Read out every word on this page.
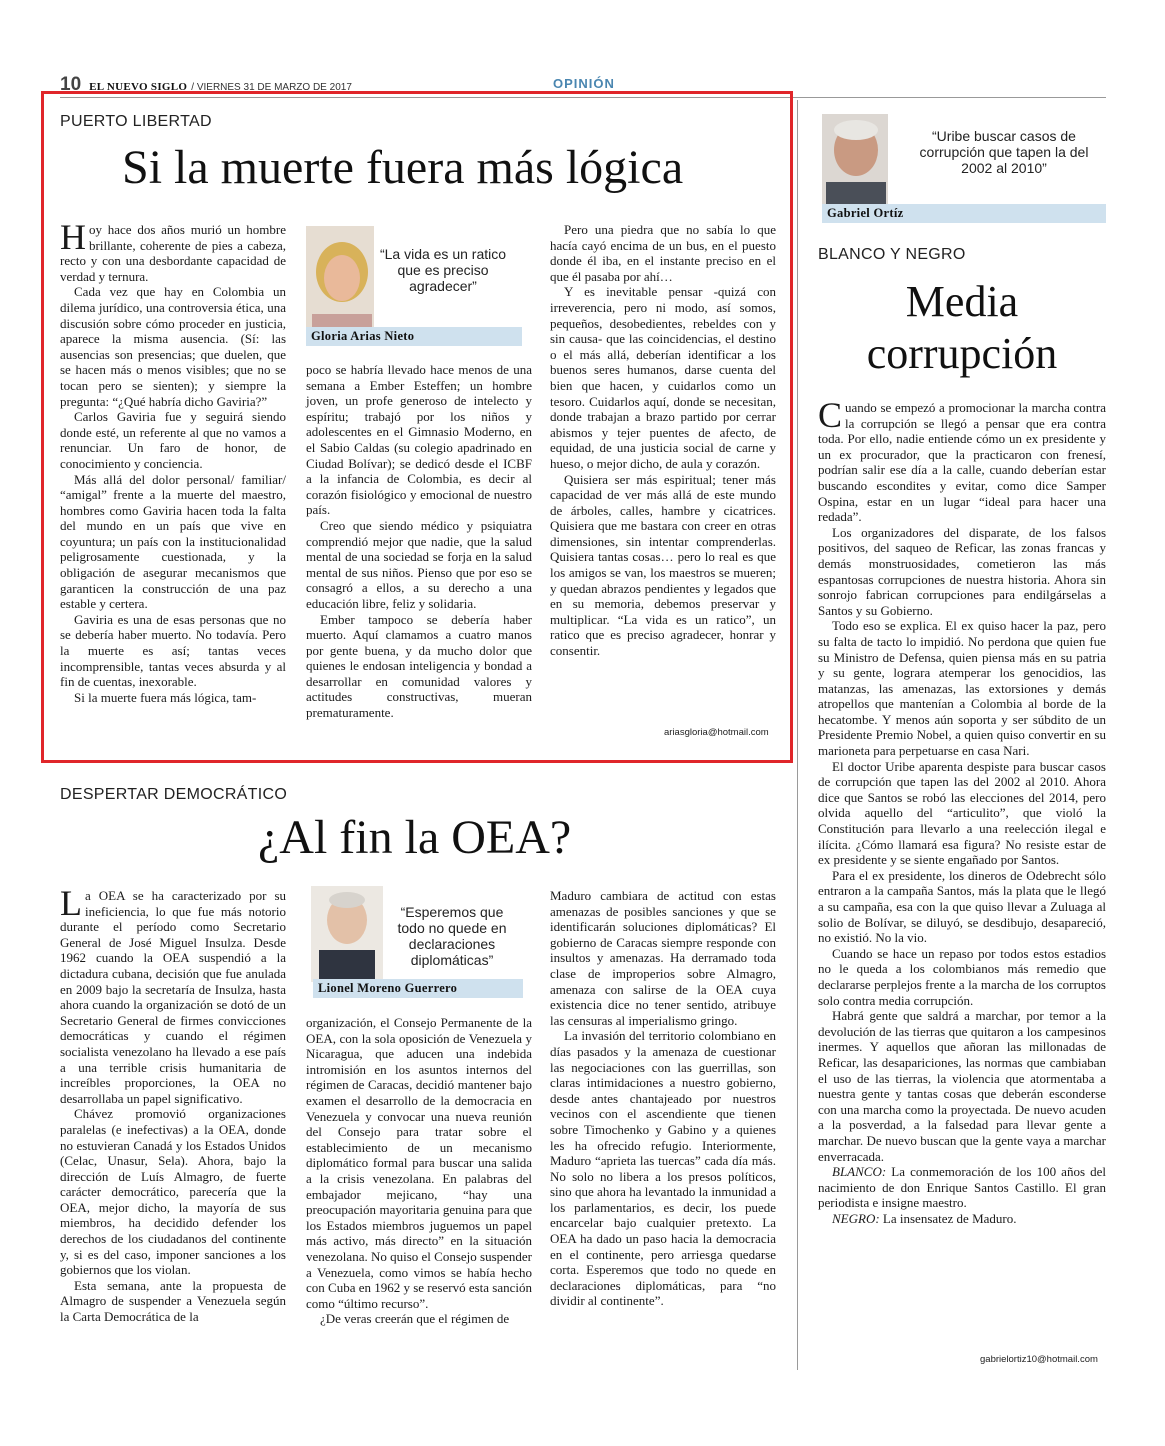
10 EL NUEVO SIGLO / VIERNES 31 DE MARZO DE 2017	OPINIÓN
PUERTO LIBERTAD
Si la muerte fuera más lógica

Hoy hace dos años murió un hombre brillante, coherente de pies a cabeza, recto y con una desbordante capacidad de verdad y ternura.

Cada vez que hay en Colombia un dilema jurídico, una controversia ética, una discusión sobre cómo proceder en justicia, aparece la misma ausencia. (Sí: las ausencias son presencias; que duelen, que se hacen más o menos visibles; que no se tocan pero se sienten); y siempre la pregunta: “¿Qué habría dicho Gaviria?”

Carlos Gaviria fue y seguirá siendo donde esté, un referente al que no vamos a renunciar. Un faro de honor, de conocimiento y conciencia.

Más allá del dolor personal/ familiar/ “amigal” frente a la muerte del maestro, hombres como Gaviria hacen toda la falta del mundo en un país que vive en coyuntura; un país con la institucionalidad peligrosamente cuestionada, y la obligación de asegurar mecanismos que garanticen la construcción de una paz estable y certera.

Gaviria es una de esas personas que no se debería haber muerto. No todavía. Pero la muerte es así; tantas veces incomprensible, tantas veces absurda y al fin de cuentas, inexorable.

Si la muerte fuera más lógica, tam-

“La vida es un ratico que es preciso agradecer”
Gloria Arias Nieto

poco se habría llevado hace menos de una semana a Ember Esteffen; un hombre joven, un profe generoso de intelecto y espíritu; trabajó por los niños y adolescentes en el Gimnasio Moderno, en el Sabio Caldas (su colegio apadrinado en Ciudad Bolívar); se dedicó desde el ICBF a la infancia de Colombia, es decir al corazón fisiológico y emocional de nuestro país.

Creo que siendo médico y psiquiatra comprendió mejor que nadie, que la salud mental de una sociedad se forja en la salud mental de sus niños. Pienso que por eso se consagró a ellos, a su derecho a una educación libre, feliz y solidaria.

Ember tampoco se debería haber muerto. Aquí clamamos a cuatro manos por gente buena, y da mucho dolor que quienes le endosan inteligencia y bondad a desarrollar en comunidad valores y actitudes constructivas, mueran prematuramente.

Pero una piedra que no sabía lo que hacía cayó encima de un bus, en el puesto donde él iba, en el instante preciso en el que él pasaba por ahí…

Y es inevitable pensar -quizá con irreverencia, pero ni modo, así somos, pequeños, desobedientes, rebeldes con y sin causa- que las coincidencias, el destino o el más allá, deberían identificar a los buenos seres humanos, darse cuenta del bien que hacen, y cuidarlos como un tesoro. Cuidarlos aquí, donde se necesitan, donde trabajan a brazo partido por cerrar abismos y tejer puentes de afecto, de equidad, de una justicia social de carne y hueso, o mejor dicho, de aula y corazón.

Quisiera ser más espiritual; tener más capacidad de ver más allá de este mundo de árboles, calles, hambre y cicatrices. Quisiera que me bastara con creer en otras dimensiones, sin intentar comprenderlas. Quisiera tantas cosas… pero lo real es que los amigos se van, los maestros se mueren; y quedan abrazos pendientes y legados que en su memoria, debemos preservar y multiplicar. “La vida es un ratico”, un ratico que es preciso agradecer, honrar y consentir.

ariasgloria@hotmail.com
DESPERTAR DEMOCRÁTICO
¿Al fin la OEA?

La OEA se ha caracterizado por su ineficiencia, lo que fue más notorio durante el período como Secretario General de José Miguel Insulza. Desde 1962 cuando la OEA suspendió a la dictadura cubana, decisión que fue anulada en 2009 bajo la secretaría de Insulza, hasta ahora cuando la organización se dotó de un Secretario General de firmes convicciones democráticas y cuando el régimen socialista venezolano ha llevado a ese país a una terrible crisis humanitaria de increíbles proporciones, la OEA no desarrollaba un papel significativo.

Chávez promovió organizaciones paralelas (e inefectivas) a la OEA, donde no estuvieran Canadá y los Estados Unidos (Celac, Unasur, Sela). Ahora, bajo la dirección de Luís Almagro, de fuerte carácter democrático, parecería que la OEA, mejor dicho, la mayoría de sus miembros, ha decidido defender los derechos de los ciudadanos del continente y, si es del caso, imponer sanciones a los gobiernos que los violan.

Esta semana, ante la propuesta de Almagro de suspender a Venezuela según la Carta Democrática de la

“Esperemos que todo no quede en declaraciones diplomáticas”
Lionel Moreno Guerrero

organización, el Consejo Permanente de la OEA, con la sola oposición de Venezuela y Nicaragua, que aducen una indebida intromisión en los asuntos internos del régimen de Caracas, decidió mantener bajo examen el desarrollo de la democracia en Venezuela y convocar una nueva reunión del Consejo para tratar sobre el establecimiento de un mecanismo diplomático formal para buscar una salida a la crisis venezolana. En palabras del embajador mejicano, “hay una preocupación mayoritaria genuina para que los Estados miembros juguemos un papel más activo, más directo” en la situación venezolana. No quiso el Consejo suspender a Venezuela, como vimos se había hecho con Cuba en 1962 y se reservó esta sanción como “último recurso”.

¿De veras creerán que el régimen de

Maduro cambiara de actitud con estas amenazas de posibles sanciones y que se identificarán soluciones diplomáticas? El gobierno de Caracas siempre responde con insultos y amenazas. Ha derramado toda clase de improperios sobre Almagro, amenaza con salirse de la OEA cuya existencia dice no tener sentido, atribuye las censuras al imperialismo gringo.

La invasión del territorio colombiano en días pasados y la amenaza de cuestionar las negociaciones con las guerrillas, son claras intimidaciones a nuestro gobierno, desde antes chantajeado por nuestros vecinos con el ascendiente que tienen sobre Timochenko y Gabino y a quienes les ha ofrecido refugio. Interiormente, Maduro “aprieta las tuercas” cada día más. No solo no libera a los presos políticos, sino que ahora ha levantado la inmunidad a los parlamentarios, es decir, los puede encarcelar bajo cualquier pretexto. La OEA ha dado un paso hacia la democracia en el continente, pero arriesga quedarse corta. Esperemos que todo no quede en declaraciones diplomáticas, para “no dividir al continente”.

“Uribe buscar casos de corrupción que tapen la del 2002 al 2010”
Gabriel Ortíz
BLANCO Y NEGRO
Media
corrupción

Cuando se empezó a promocionar la marcha contra la corrupción se llegó a pensar que era contra toda. Por ello, nadie entiende cómo un ex presidente y un ex procurador, que la practicaron con frenesí, podrían salir ese día a la calle, cuando deberían estar buscando escondites y evitar, como dice Samper Ospina, estar en un lugar “ideal para hacer una redada”.

Los organizadores del disparate, de los falsos positivos, del saqueo de Reficar, las zonas francas y demás monstruosidades, cometieron las más espantosas corrupciones de nuestra historia. Ahora sin sonrojo fabrican corrupciones para endilgárselas a Santos y su Gobierno.

Todo eso se explica. El ex quiso hacer la paz, pero su falta de tacto lo impidió. No perdona que quien fue su Ministro de Defensa, quien piensa más en su patria y su gente, lograra atemperar los genocidios, las matanzas, las amenazas, las extorsiones y demás atropellos que mantenían a Colombia al borde de la hecatombe. Y menos aún soporta y ser súbdito de un Presidente Premio Nobel, a quien quiso convertir en su marioneta para perpetuarse en casa Nari.

El doctor Uribe aparenta despiste para buscar casos de corrupción que tapen las del 2002 al 2010. Ahora dice que Santos se robó las elecciones del 2014, pero olvida aquello del “articulito”, que violó la Constitución para llevarlo a una reelección ilegal e ilícita. ¿Cómo llamará esa figura? No resiste estar de ex presidente y se siente engañado por Santos.

Para el ex presidente, los dineros de Odebrecht sólo entraron a la campaña Santos, más la plata que le llegó a su campaña, esa con la que quiso llevar a Zuluaga al solio de Bolívar, se diluyó, se desdibujo, desapareció, no existió. No la vio.

Cuando se hace un repaso por todos estos estadios no le queda a los colombianos más remedio que declararse perplejos frente a la marcha de los corruptos solo contra media corrupción.

Habrá gente que saldrá a marchar, por temor a la devolución de las tierras que quitaron a los campesinos inermes. Y aquellos que añoran las millonadas de Reficar, las desapariciones, las normas que cambiaban el uso de las tierras, la violencia que atormentaba a nuestra gente y tantas cosas que deberán esconderse con una marcha como la proyectada. De nuevo acuden a la posverdad, a la falsedad para llevar gente a marchar. De nuevo buscan que la gente vaya a marchar enverracada.

BLANCO: La conmemoración de los 100 años del nacimiento de don Enrique Santos Castillo. El gran periodista e insigne maestro.

NEGRO: La insensatez de Maduro.

gabrielortiz10@hotmail.com
